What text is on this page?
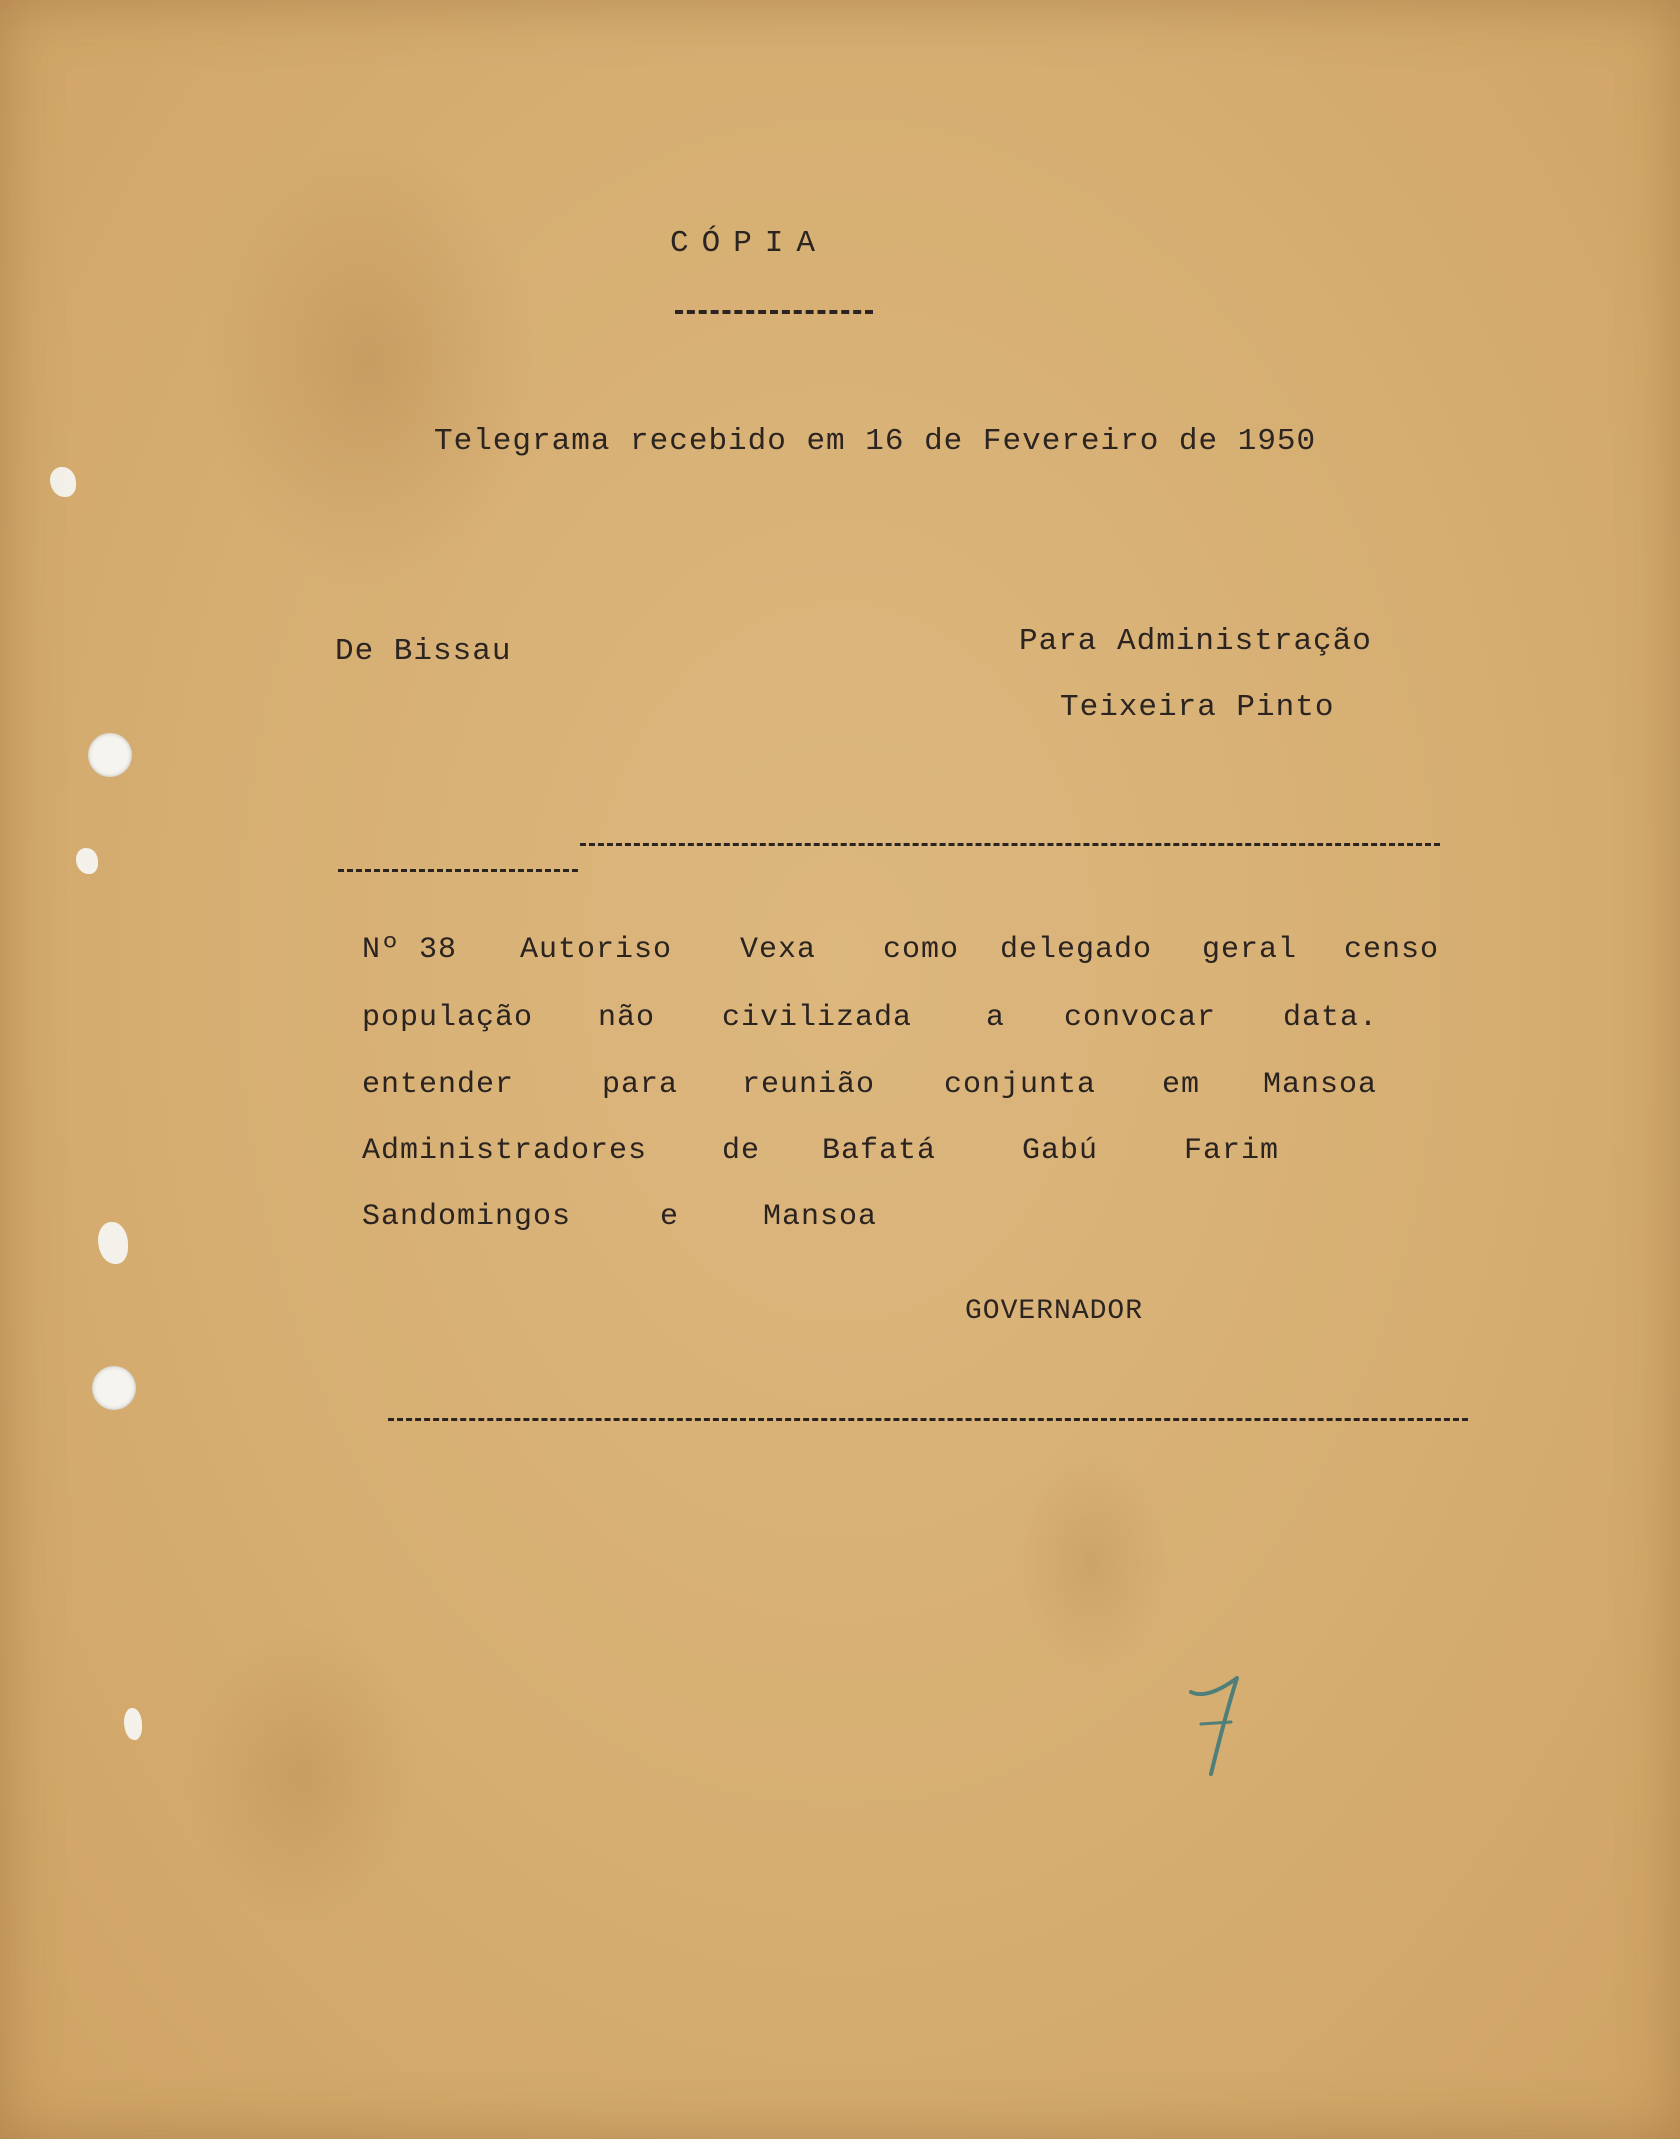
CÓPIA
Telegrama recebido em 16 de Fevereiro de 1950
De Bissau	Para Administração
Teixeira Pinto

Nº 38

Autoriso

Vexa

como

delegado

geral

censo

população

não

civilizada

a

convocar

data.

entender

	para

reunião

conjunta

em

Mansoa

Administradores

de

Bafatá

	Gabú

	Farim

Sandomingos

	e

	Mansoa

GOVERNADOR
